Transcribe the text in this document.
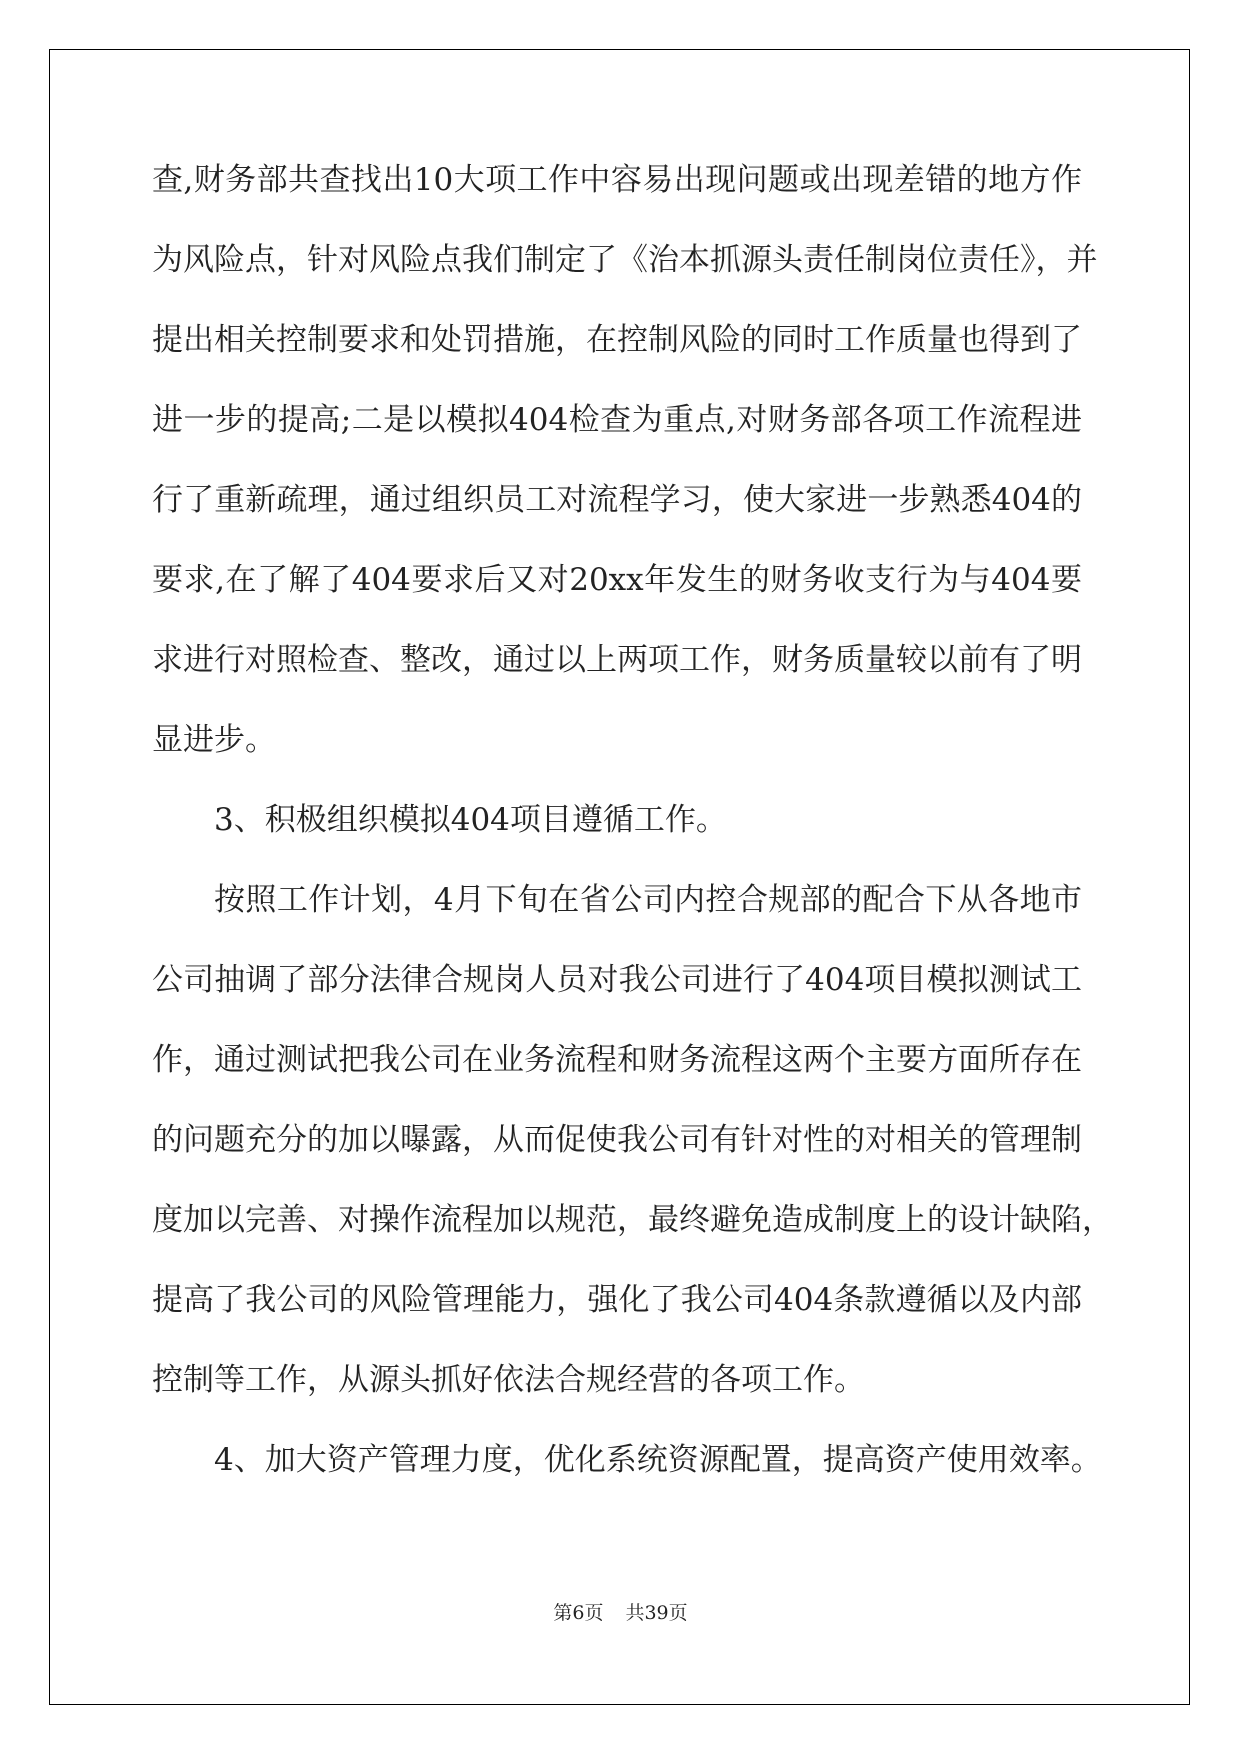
查,财务部共查找出10大项工作中容易出现问题或出现差错的地方作
为风险点，针对风险点我们制定了《治本抓源头责任制岗位责任》，并
提出相关控制要求和处罚措施，在控制风险的同时工作质量也得到了
进一步的提高;二是以模拟404检查为重点,对财务部各项工作流程进
行了重新疏理，通过组织员工对流程学习，使大家进一步熟悉404的
要求,在了解了404要求后又对20xx年发生的财务收支行为与404要
求进行对照检查、整改，通过以上两项工作，财务质量较以前有了明
显进步。
3、积极组织模拟404项目遵循工作。
按照工作计划，4月下旬在省公司内控合规部的配合下从各地市
公司抽调了部分法律合规岗人员对我公司进行了404项目模拟测试工
作，通过测试把我公司在业务流程和财务流程这两个主要方面所存在
的问题充分的加以曝露，从而促使我公司有针对性的对相关的管理制
度加以完善、对操作流程加以规范，最终避免造成制度上的设计缺陷，
提高了我公司的风险管理能力，强化了我公司404条款遵循以及内部
控制等工作，从源头抓好依法合规经营的各项工作。
4、加大资产管理力度，优化系统资源配置，提高资产使用效率。
第6页 共39页
